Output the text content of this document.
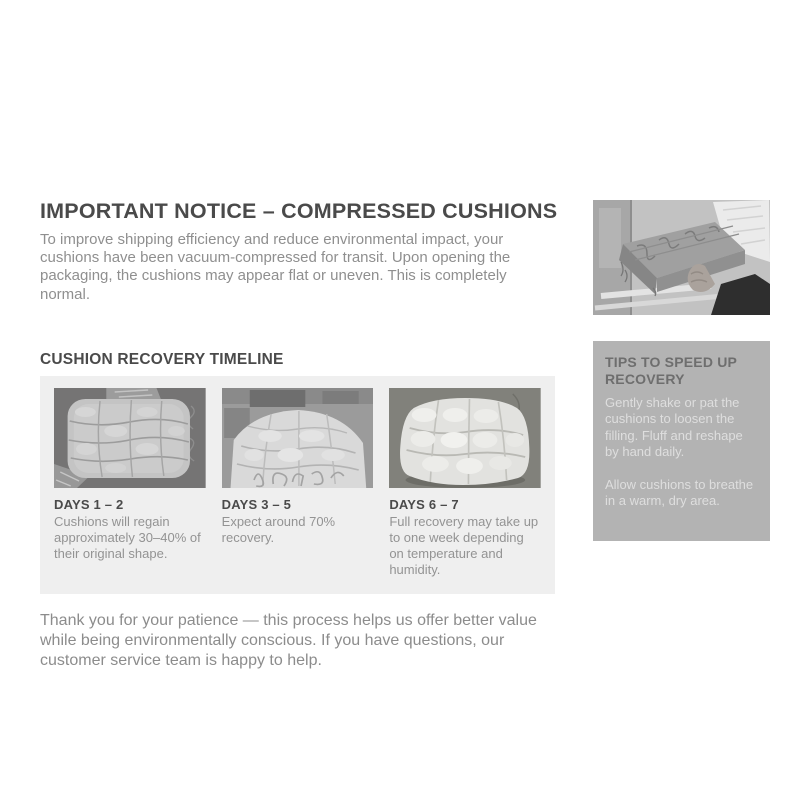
IMPORTANT NOTICE – COMPRESSED CUSHIONS

To improve shipping efficiency and reduce environmental impact, your cushions have been vacuum-compressed for transit. Upon opening the packaging, the cushions may appear flat or uneven. This is completely normal.

CUSHION RECOVERY TIMELINE
DAYS 1 – 2
Cushions will regain approximately 30–40% of their original shape.
DAYS 3 – 5
Expect around 70% recovery.
DAYS 6 – 7
Full recovery may take up to one week depending on temperature and humidity.

Thank you for your patience — this process helps us offer better value while being environmentally conscious. If you have questions, our customer service team is happy to help.

TIPS TO SPEED UP RECOVERY

Gently shake or pat the cushions to loosen the filling. Fluff and reshape by hand daily.

Allow cushions to breathe in a warm, dry area.
